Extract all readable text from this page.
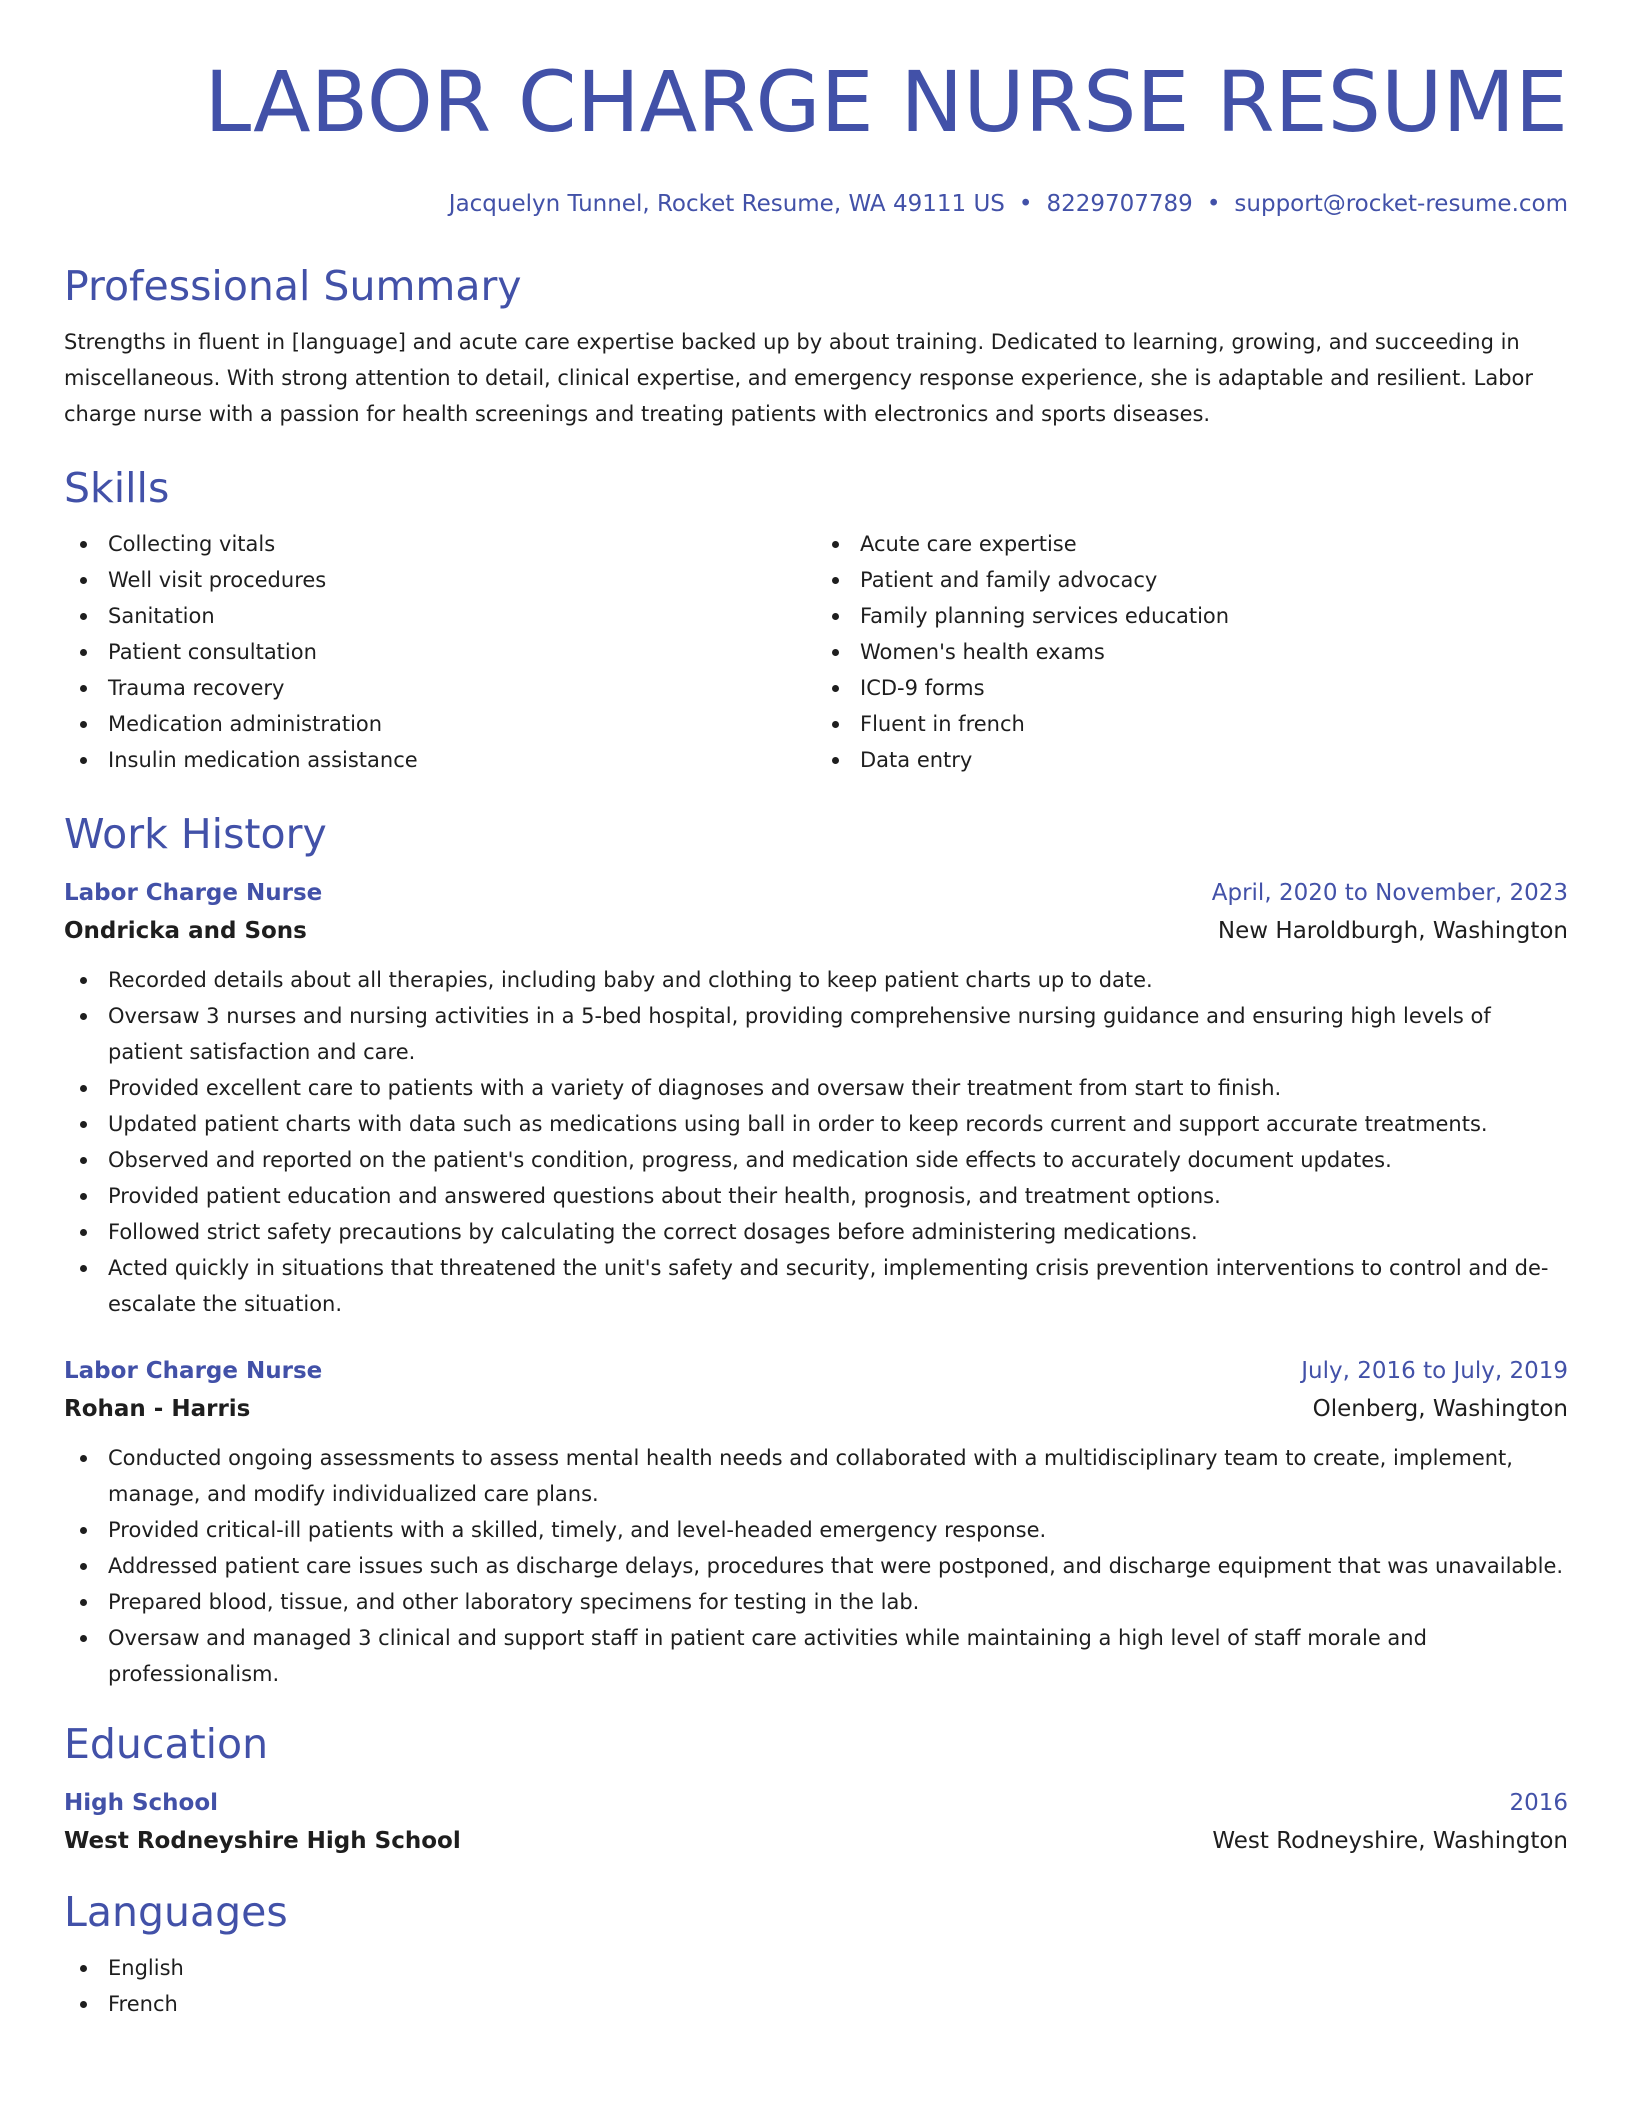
LABOR CHARGE NURSE RESUME
Jacquelyn Tunnel, Rocket Resume, WA 49111 US • 8229707789 • support@rocket-resume.com
Professional Summary

Strengths in fluent in [language] and acute care expertise backed up by about training. Dedicated to learning, growing, and succeeding in miscellaneous. With strong attention to detail, clinical expertise, and emergency response experience, she is adaptable and resilient. Labor charge nurse with a passion for health screenings and treating patients with electronics and sports diseases.

Skills
Collecting vitals
Well visit procedures
Sanitation
Patient consultation
Trauma recovery
Medication administration
Insulin medication assistance
Acute care expertise
Patient and family advocacy
Family planning services education
Women's health exams
ICD-9 forms
Fluent in french
Data entry
Work History
Labor Charge Nurse	April, 2020 to November, 2023
Ondricka and Sons	New Haroldburgh, Washington
Recorded details about all therapies, including baby and clothing to keep patient charts up to date.
Oversaw 3 nurses and nursing activities in a 5-bed hospital, providing comprehensive nursing guidance and ensuring high levels of patient satisfaction and care.
Provided excellent care to patients with a variety of diagnoses and oversaw their treatment from start to finish.
Updated patient charts with data such as medications using ball in order to keep records current and support accurate treatments.
Observed and reported on the patient's condition, progress, and medication side effects to accurately document updates.
Provided patient education and answered questions about their health, prognosis, and treatment options.
Followed strict safety precautions by calculating the correct dosages before administering medications.
Acted quickly in situations that threatened the unit's safety and security, implementing crisis prevention interventions to control and de-escalate the situation.
Labor Charge Nurse	July, 2016 to July, 2019
Rohan - Harris	Olenberg, Washington
Conducted ongoing assessments to assess mental health needs and collaborated with a multidisciplinary team to create, implement, manage, and modify individualized care plans.
Provided critical-ill patients with a skilled, timely, and level-headed emergency response.
Addressed patient care issues such as discharge delays, procedures that were postponed, and discharge equipment that was unavailable.
Prepared blood, tissue, and other laboratory specimens for testing in the lab.
Oversaw and managed 3 clinical and support staff in patient care activities while maintaining a high level of staff morale and professionalism.
Education
High School	2016
West Rodneyshire High School	West Rodneyshire, Washington
Languages
English
French
